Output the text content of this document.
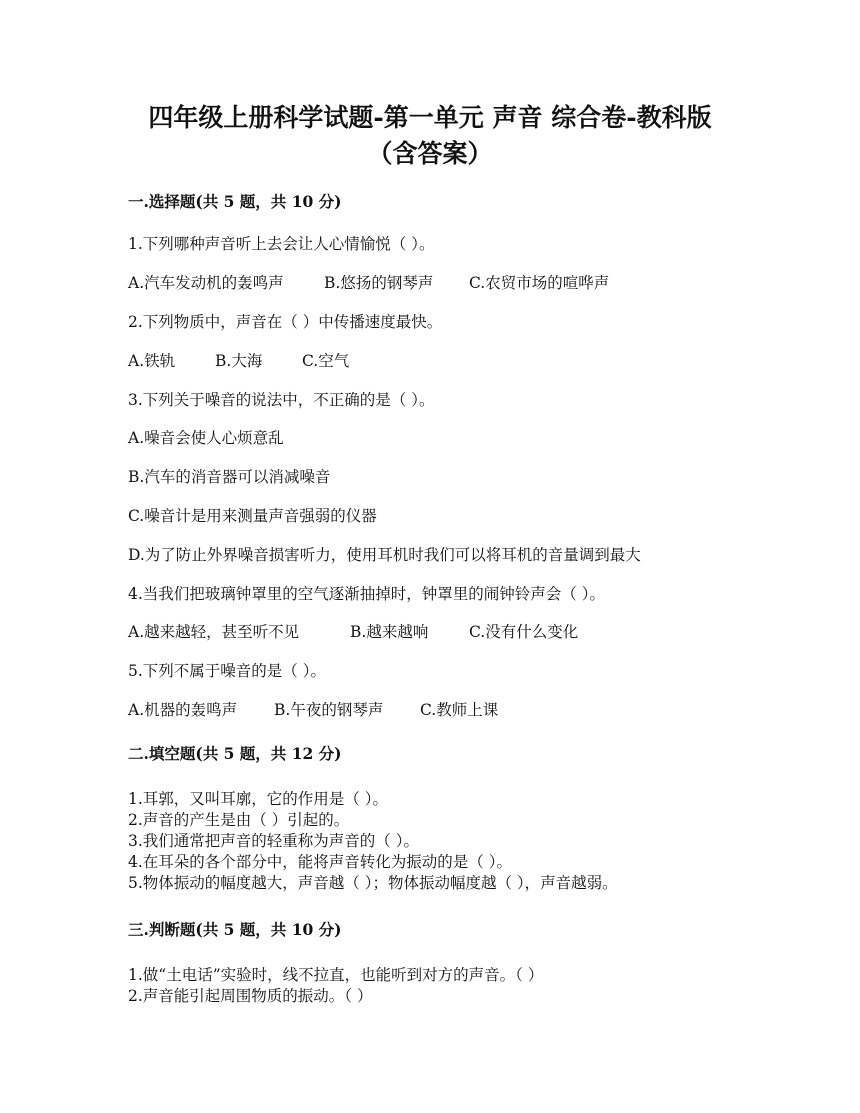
四年级上册科学试题-第一单元 声音 综合卷-教科版
（含答案）

一.选择题(共 5 题，共 10 分)

1.下列哪种声音听上去会让人心情愉悦（ ）。

A.汽车发动机的轰鸣声	B.悠扬的钢琴声 C.农贸市场的喧哗声

2.下列物质中，声音在（ ）中传播速度最快。

A.铁轨	B.大海	C.空气

3.下列关于噪音的说法中，不正确的是（ ）。

A.噪音会使人心烦意乱

B.汽车的消音器可以消减噪音

C.噪音计是用来测量声音强弱的仪器

D.为了防止外界噪音损害听力，使用耳机时我们可以将耳机的音量调到最大

4.当我们把玻璃钟罩里的空气逐渐抽掉时，钟罩里的闹钟铃声会（ ）。

A.越来越轻，甚至听不见	B.越来越响	C.没有什么变化

5.下列不属于噪音的是（ ）。

A.机器的轰鸣声 B.午夜的钢琴声 C.教师上课

二.填空题(共 5 题，共 12 分)

1.耳郭，又叫耳廓，它的作用是（ ）。

2.声音的产生是由（ ）引起的。

3.我们通常把声音的轻重称为声音的（ ）。

4.在耳朵的各个部分中，能将声音转化为振动的是（ ）。

5.物体振动的幅度越大，声音越（ ）；物体振动幅度越（ ），声音越弱。

三.判断题(共 5 题，共 10 分)

1.做“土电话”实验时，线不拉直，也能听到对方的声音。（ ）

2.声音能引起周围物质的振动。（ ）
